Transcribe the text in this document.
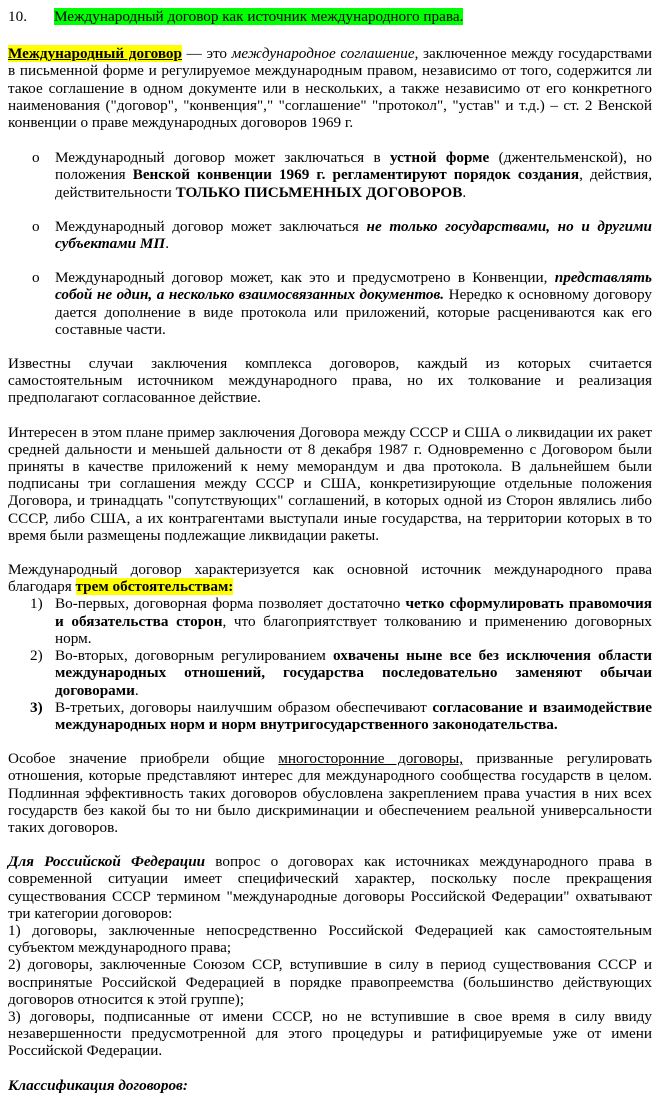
10. Международный договор как источник международного права.

Международный договор — это международное соглашение, заключенное между государствами в письменной форме и регулируемое международным правом, независимо от того, содержится ли такое соглашение в одном документе или в нескольких, а также независимо от его конкретного наименования ("договор", "конвенция"," "соглашение" "протокол", "устав" и т.д.) – ст. 2 Венской конвенции о праве международных договоров 1969 г.

o Международный договор может заключаться в устной форме (джентельменской), но положения Венской конвенции 1969 г. регламентируют порядок создания, действия, действительности ТОЛЬКО ПИСЬМЕННЫХ ДОГОВОРОВ.
o Международный договор может заключаться не только государствами, но и другими субъектами МП.
o Международный договор может, как это и предусмотрено в Конвенции, представлять собой не один, а несколько взаимосвязанных документов. Нередко к основному договору дается дополнение в виде протокола или приложений, которые расцениваются как его составные части.

Известны случаи заключения комплекса договоров, каждый из которых считается самостоятельным источником международного права, но их толкование и реализация предполагают согласованное действие.

Интересен в этом плане пример заключения Договора между СССР и США о ликвидации их ракет средней дальности и меньшей дальности от 8 декабря 1987 г. Одновременно с Договором были приняты в качестве приложений к нему меморандум и два протокола. В дальнейшем были подписаны три соглашения между СССР и США, конкретизирующие отдельные положения Договора, и тринадцать "сопутствующих" соглашений, в которых одной из Сторон являлись либо СССР, либо США, а их контрагентами выступали иные государства, на территории которых в то время были размещены подлежащие ликвидации ракеты.

Международный договор характеризуется как основной источник международного права благодаря трем обстоятельствам:

1) Во-первых, договорная форма позволяет достаточно четко сформулировать правомочия и обязательства сторон, что благоприятствует толкованию и применению договорных норм.
2) Во-вторых, договорным регулированием охвачены ныне все без исключения области международных отношений, государства последовательно заменяют обычаи договорами.
3) В-третьих, договоры наилучшим образом обеспечивают согласование и взаимодействие международных норм и норм внутригосударственного законодательства.

Особое значение приобрели общие многосторонние договоры, призванные регулировать отношения, которые представляют интерес для международного сообщества государств в целом. Подлинная эффективность таких договоров обусловлена закреплением права участия в них всех государств без какой бы то ни было дискриминации и обеспечением реальной универсальности таких договоров.

Для Российской Федерации вопрос о договорах как источниках международного права в современной ситуации имеет специфический характер, поскольку после прекращения существования СССР термином "международные договоры Российской Федерации" охватывают три категории договоров:

1) договоры, заключенные непосредственно Российской Федерацией как самостоятельным субъектом международного права;

2) договоры, заключенные Союзом ССР, вступившие в силу в период существования СССР и воспринятые Российской Федерацией в порядке правопреемства (большинство действующих договоров относится к этой группе);

3) договоры, подписанные от имени СССР, но не вступившие в свое время в силу ввиду незавершенности предусмотренной для этого процедуры и ратифицируемые уже от имени Российской Федерации.

Классификация договоров:
